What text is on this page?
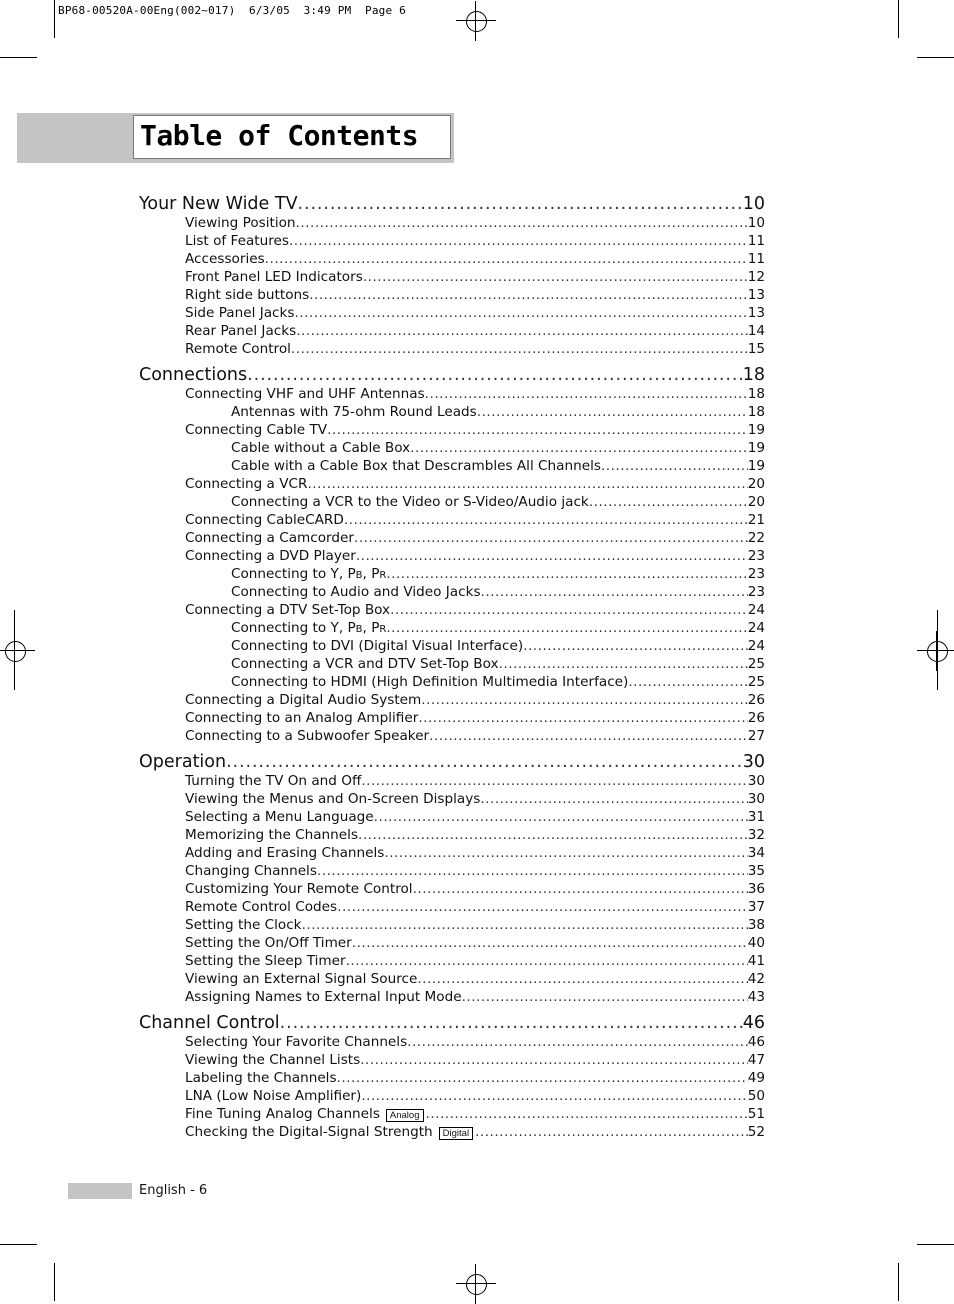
BP68-00520A-00Eng(002~017)  6/3/05  3:49 PM  Page 6
Table of Contents
Your New Wide TV .....	10
Viewing Position .....	10
List of Features .....	11
Accessories .....	11
Front Panel LED Indicators .....	12
Right side buttons .....	13
Side Panel Jacks .....	13
Rear Panel Jacks .....	14
Remote Control .....	15
Connections .....	18
Connecting VHF and UHF Antennas .....	18
Antennas with 75-ohm Round Leads .....	18
Connecting Cable TV .....	19
Cable without a Cable Box .....	19
Cable with a Cable Box that Descrambles All Channels .....	19
Connecting a VCR .....	20
Connecting a VCR to the Video or S-Video/Audio jack .....	20
Connecting CableCARD .....	21
Connecting a Camcorder .....	22
Connecting a DVD Player .....	23
Connecting to Y, PB, PR .....	23
Connecting to Audio and Video Jacks .....	23
Connecting a DTV Set-Top Box .....	24
Connecting to Y, PB, PR .....	24
Connecting to DVI (Digital Visual Interface) .....	24
Connecting a VCR and DTV Set-Top Box .....	25
Connecting to HDMI (High Definition Multimedia Interface) .....	25
Connecting a Digital Audio System .....	26
Connecting to an Analog Amplifier .....	26
Connecting to a Subwoofer Speaker .....	27
Operation .....	30
Turning the TV On and Off .....	30
Viewing the Menus and On-Screen Displays .....	30
Selecting a Menu Language .....	31
Memorizing the Channels .....	32
Adding and Erasing Channels .....	34
Changing Channels .....	35
Customizing Your Remote Control .....	36
Remote Control Codes .....	37
Setting the Clock .....	38
Setting the On/Off Timer .....	40
Setting the Sleep Timer .....	41
Viewing an External Signal Source .....	42
Assigning Names to External Input Mode .....	43
Channel Control .....	46
Selecting Your Favorite Channels .....	46
Viewing the Channel Lists .....	47
Labeling the Channels .....	49
LNA (Low Noise Amplifier) .....	50
Fine Tuning Analog Channels	Analog .....	51
Checking the Digital-Signal Strength	Digital .....	52
English - 6
